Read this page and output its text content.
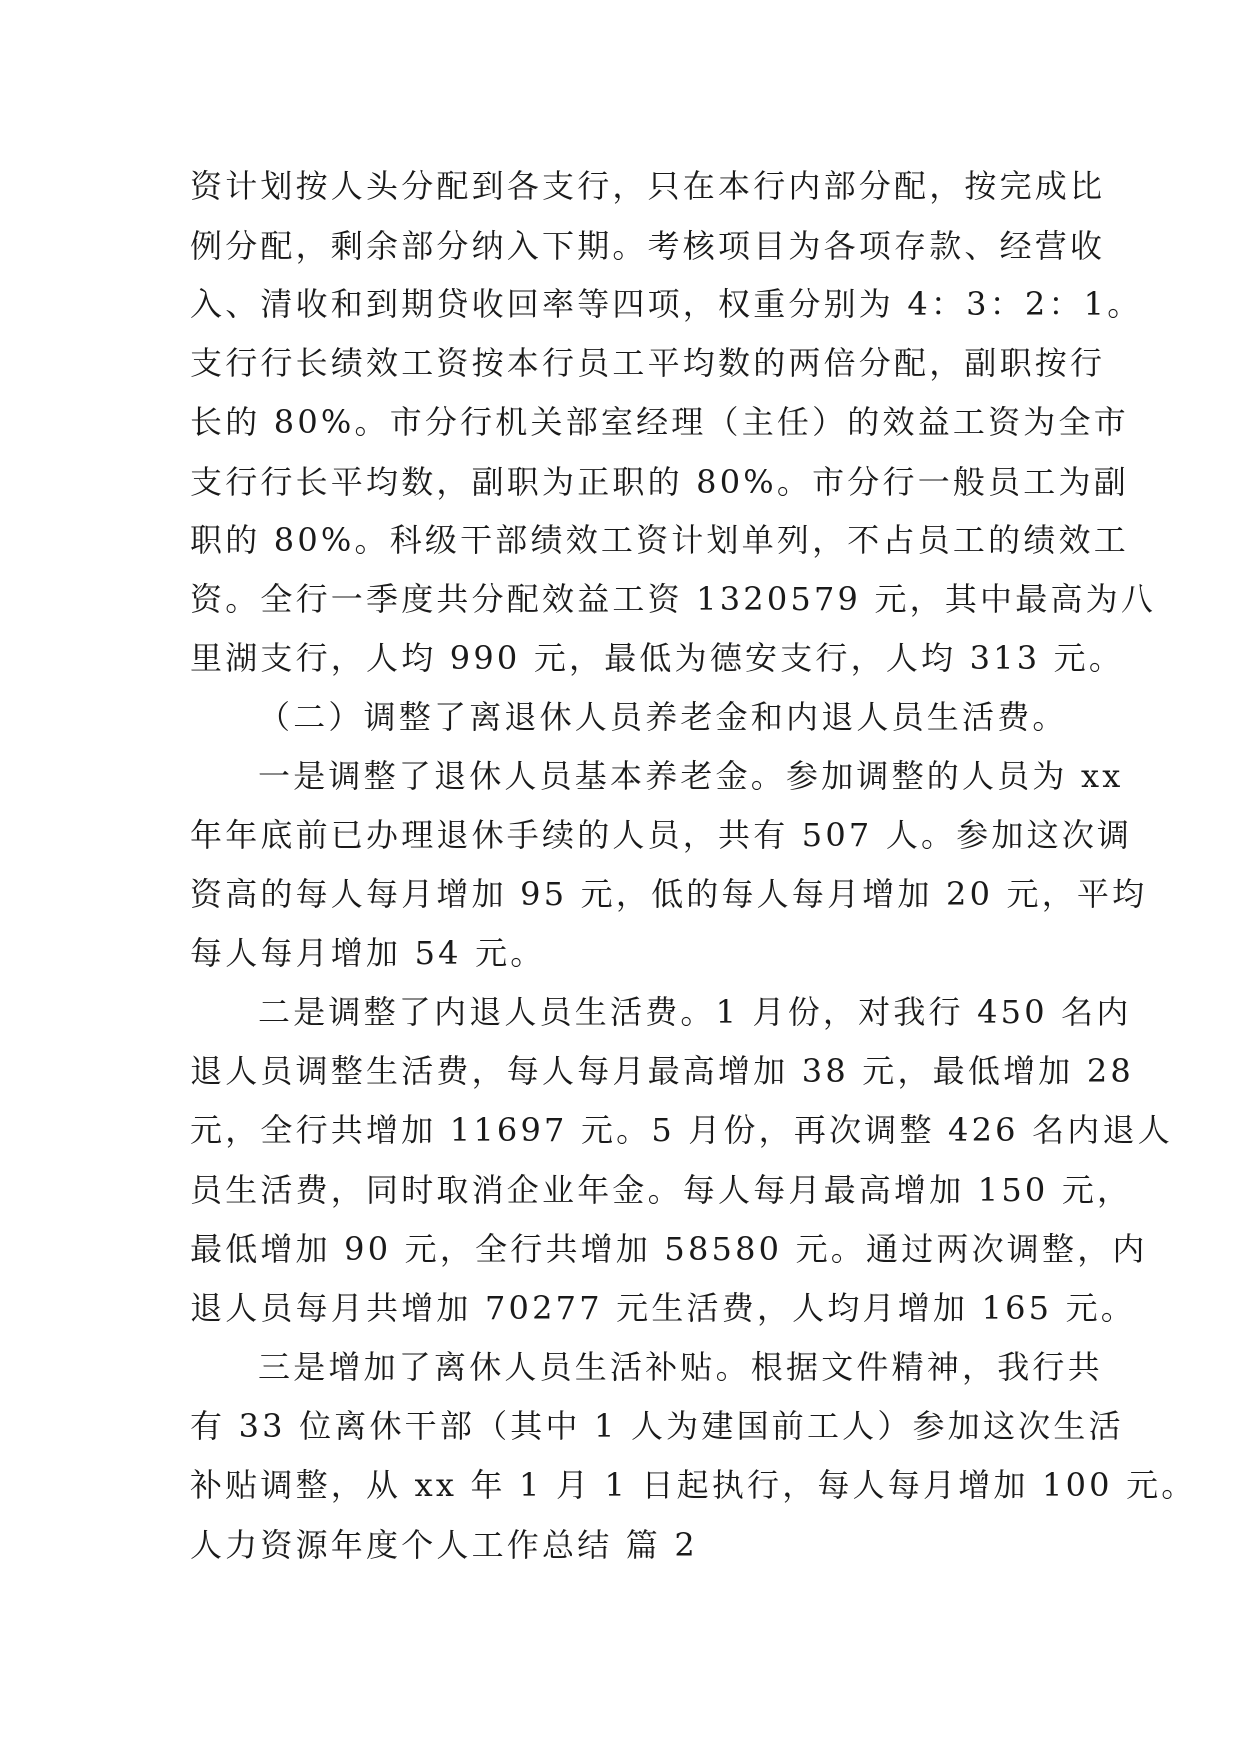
资计划按人头分配到各支行，只在本行内部分配，按完成比
例分配，剩余部分纳入下期。考核项目为各项存款、经营收
入、清收和到期贷收回率等四项，权重分别为 4：3：2：1。
支行行长绩效工资按本行员工平均数的两倍分配，副职按行
长的 80%。市分行机关部室经理（主任）的效益工资为全市
支行行长平均数，副职为正职的 80%。市分行一般员工为副
职的 80%。科级干部绩效工资计划单列，不占员工的绩效工
资。全行一季度共分配效益工资 1320579 元，其中最高为八
里湖支行，人均 990 元，最低为德安支行，人均 313 元。
（二）调整了离退休人员养老金和内退人员生活费。
一是调整了退休人员基本养老金。参加调整的人员为 xx
年年底前已办理退休手续的人员，共有 507 人。参加这次调
资高的每人每月增加 95 元，低的每人每月增加 20 元，平均
每人每月增加 54 元。
二是调整了内退人员生活费。1 月份，对我行 450 名内
退人员调整生活费，每人每月最高增加 38 元，最低增加 28
元，全行共增加 11697 元。5 月份，再次调整 426 名内退人
员生活费，同时取消企业年金。每人每月最高增加 150 元，
最低增加 90 元，全行共增加 58580 元。通过两次调整，内
退人员每月共增加 70277 元生活费，人均月增加 165 元。
三是增加了离休人员生活补贴。根据文件精神，我行共
有 33 位离休干部（其中 1 人为建国前工人）参加这次生活
补贴调整，从 xx 年 1 月 1 日起执行，每人每月增加 100 元。
人力资源年度个人工作总结 篇 2
